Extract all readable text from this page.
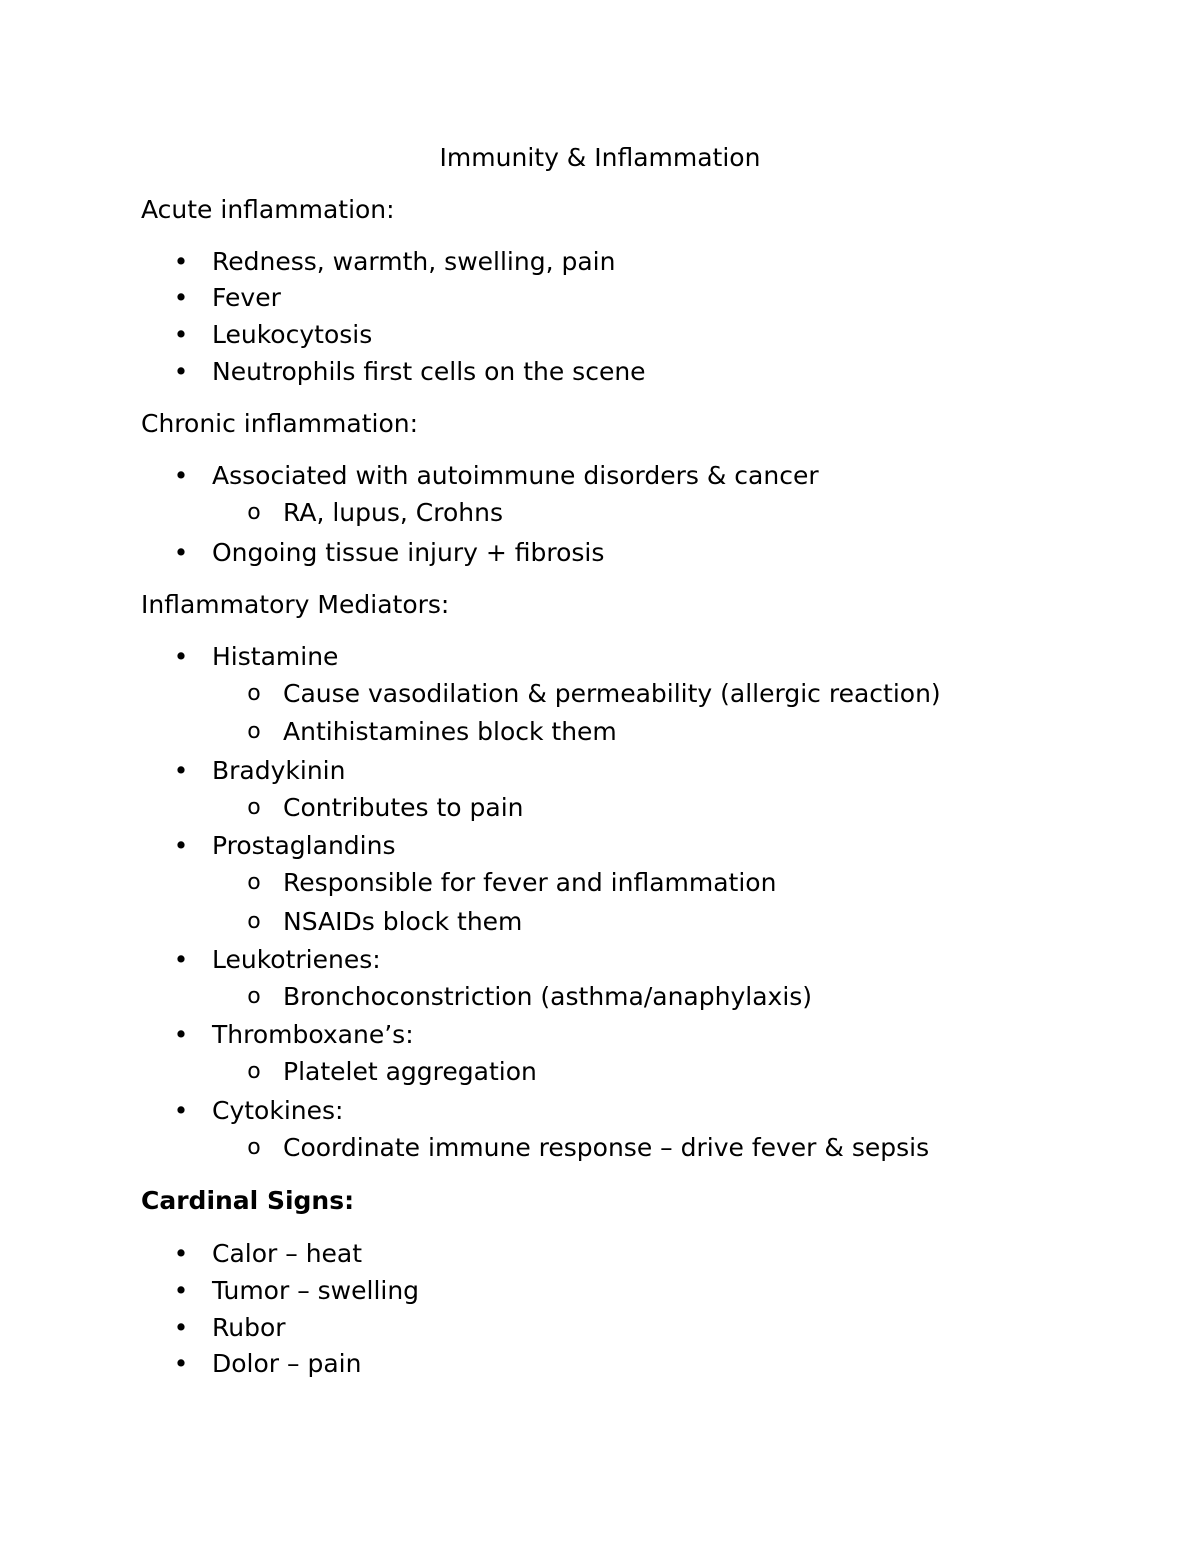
Immunity & Inflammation
Acute inflammation:
• Redness, warmth, swelling, pain
• Fever
• Leukocytosis
• Neutrophils first cells on the scene
Chronic inflammation:
• Associated with autoimmune disorders & cancer
o RA, lupus, Crohns
• Ongoing tissue injury + fibrosis
Inflammatory Mediators:
• Histamine
o Cause vasodilation & permeability (allergic reaction)
o Antihistamines block them
• Bradykinin
o Contributes to pain
• Prostaglandins
o Responsible for fever and inflammation
o NSAIDs block them
• Leukotrienes:
o Bronchoconstriction (asthma/anaphylaxis)
• Thromboxane’s:
o Platelet aggregation
• Cytokines:
o Coordinate immune response – drive fever & sepsis
Cardinal Signs:
• Calor – heat
• Tumor – swelling
• Rubor
• Dolor – pain
